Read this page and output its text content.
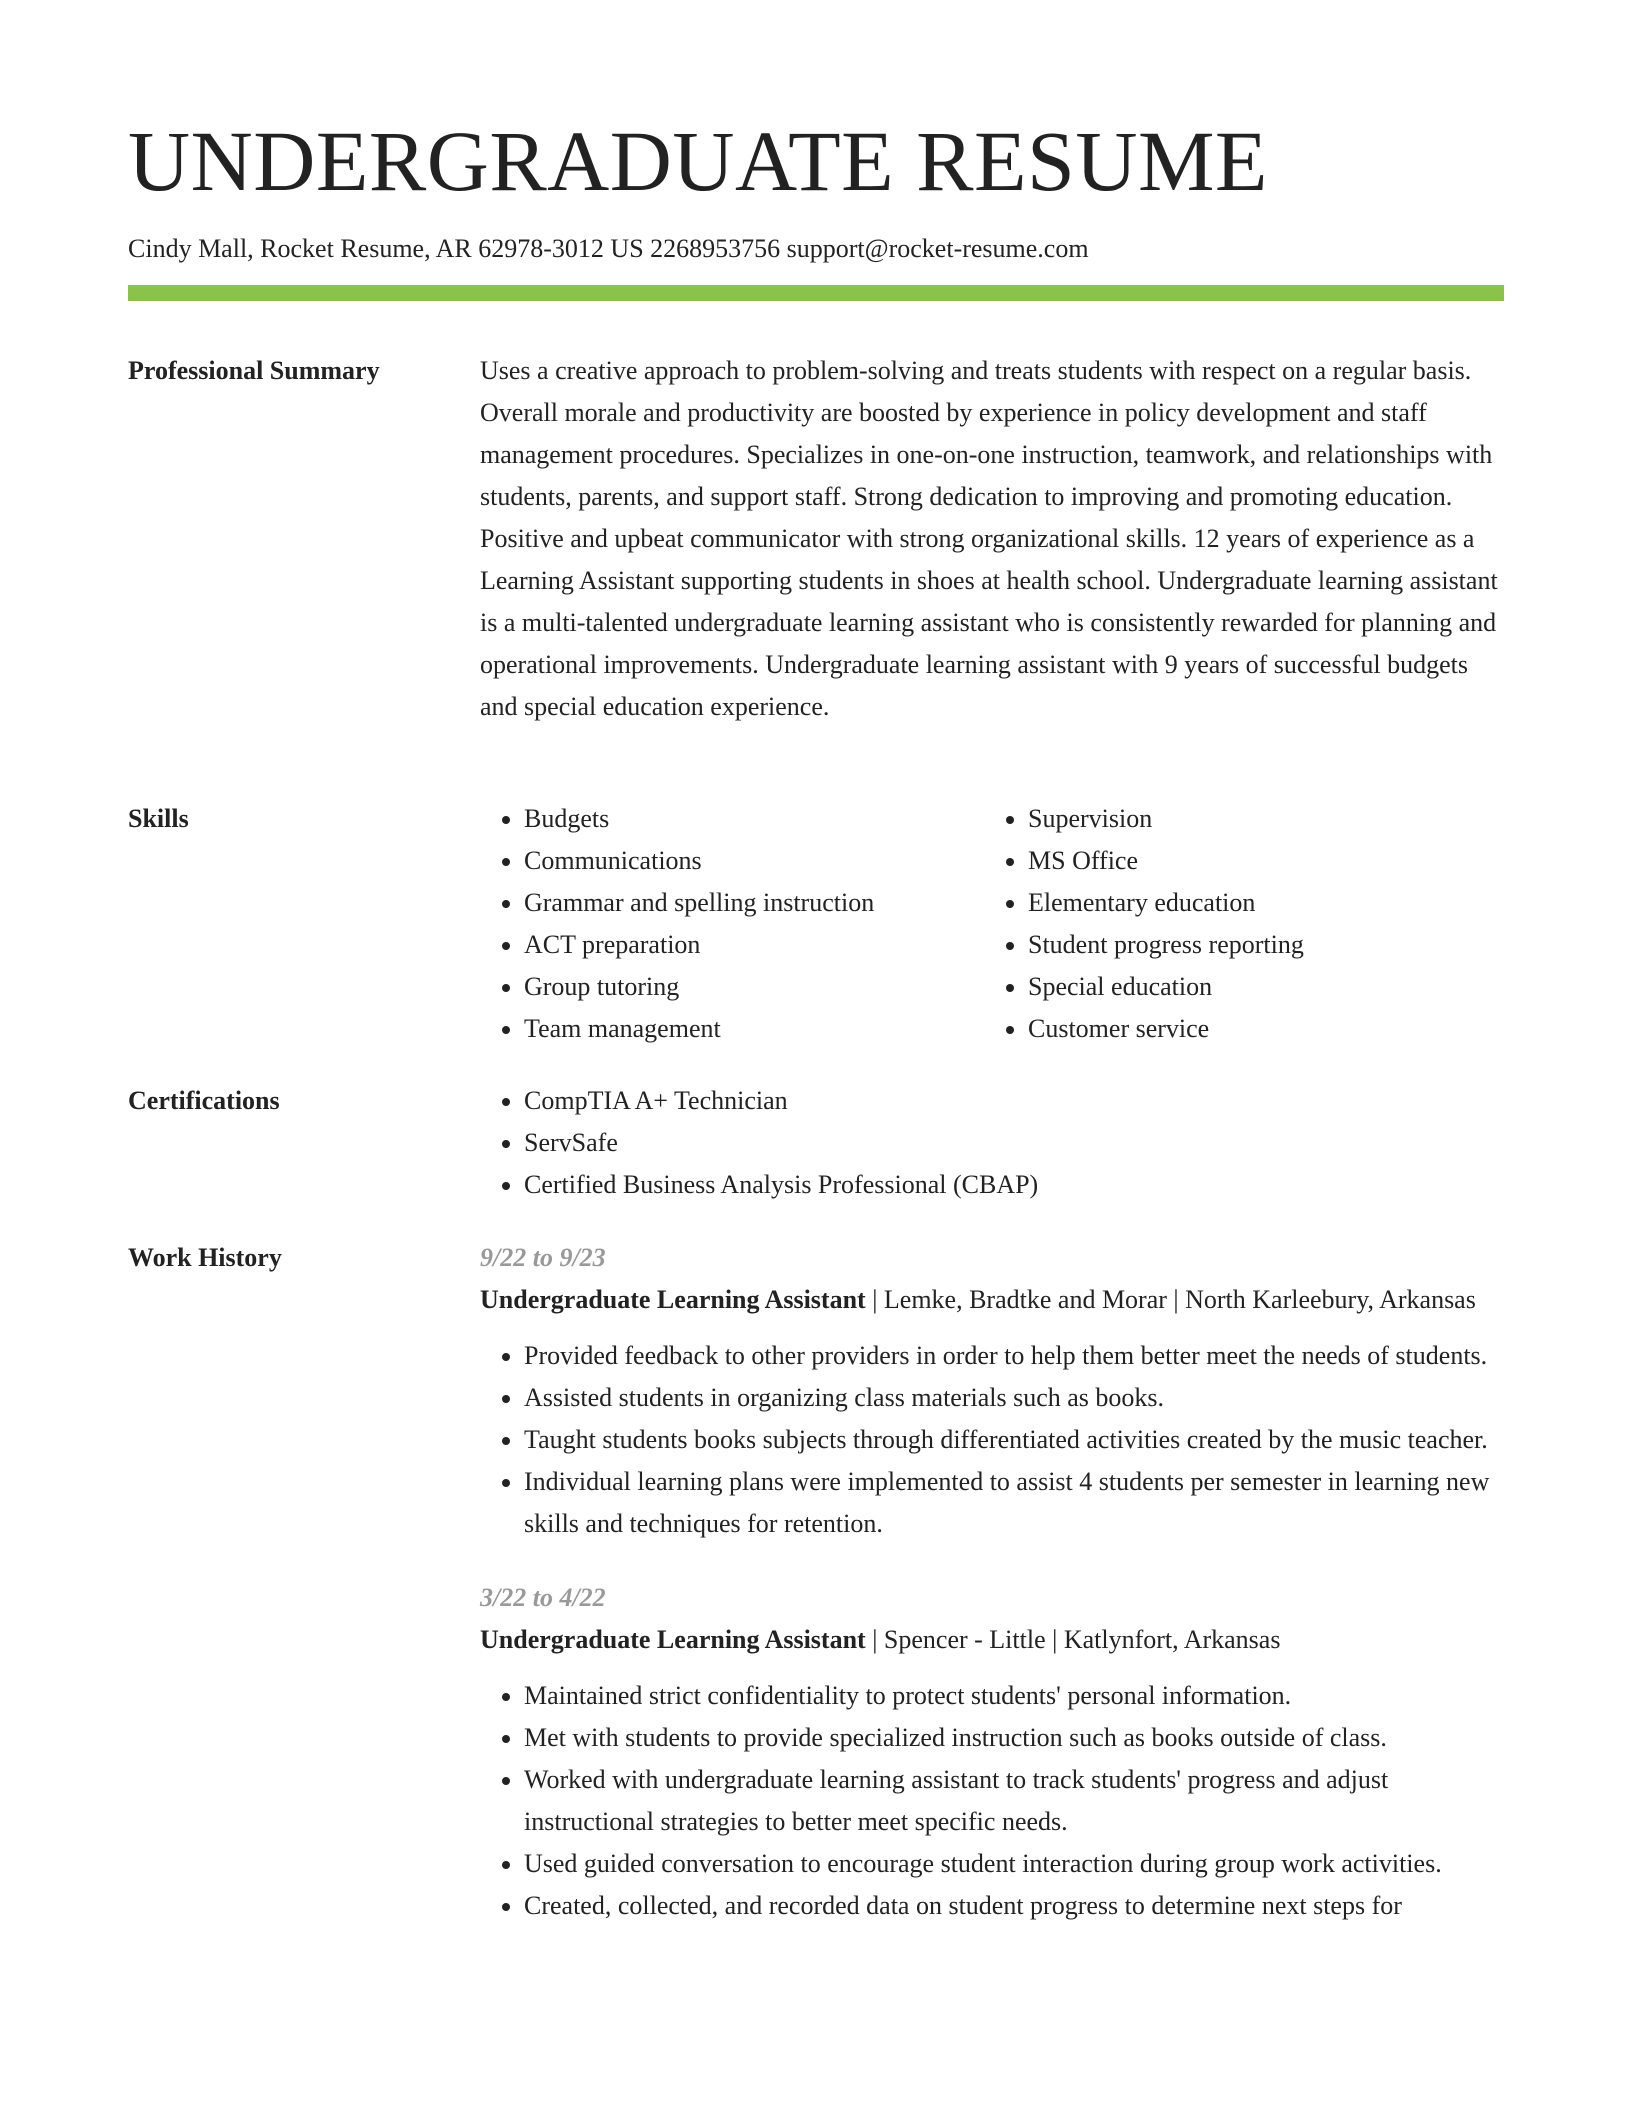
UNDERGRADUATE RESUME
Cindy Mall, Rocket Resume, AR 62978-3012 US 2268953756 support@rocket-resume.com
Professional Summary	Uses a creative approach to problem-solving and treats students with respect on a regular basis. Overall morale and productivity are boosted by experience in policy development and staff management procedures. Specializes in one-on-one instruction, teamwork, and relationships with students, parents, and support staff. Strong dedication to improving and promoting education. Positive and upbeat communicator with strong organizational skills. 12 years of experience as a Learning Assistant supporting students in shoes at health school. Undergraduate learning assistant is a multi-talented undergraduate learning assistant who is consistently rewarded for planning and operational improvements. Undergraduate learning assistant with 9 years of successful budgets and special education experience.

Skills	• Budgets
• Communications
• Grammar and spelling instruction
• ACT preparation
• Group tutoring
• Team management
• Supervision
• MS Office
• Elementary education
• Student progress reporting
• Special education
• Customer service
Certifications	• CompTIA A+ Technician
• ServSafe
• Certified Business Analysis Professional (CBAP)
Work History	9/22 to 9/23
Undergraduate Learning Assistant | Lemke, Bradtke and Morar | North Karleebury, Arkansas
• Provided feedback to other providers in order to help them better meet the needs of students.
• Assisted students in organizing class materials such as books.
• Taught students books subjects through differentiated activities created by the music teacher.
• Individual learning plans were implemented to assist 4 students per semester in learning new skills and techniques for retention.
3/22 to 4/22
Undergraduate Learning Assistant | Spencer - Little | Katlynfort, Arkansas
• Maintained strict confidentiality to protect students' personal information.
• Met with students to provide specialized instruction such as books outside of class.
• Worked with undergraduate learning assistant to track students' progress and adjust instructional strategies to better meet specific needs.
• Used guided conversation to encourage student interaction during group work activities.
• Created, collected, and recorded data on student progress to determine next steps for
